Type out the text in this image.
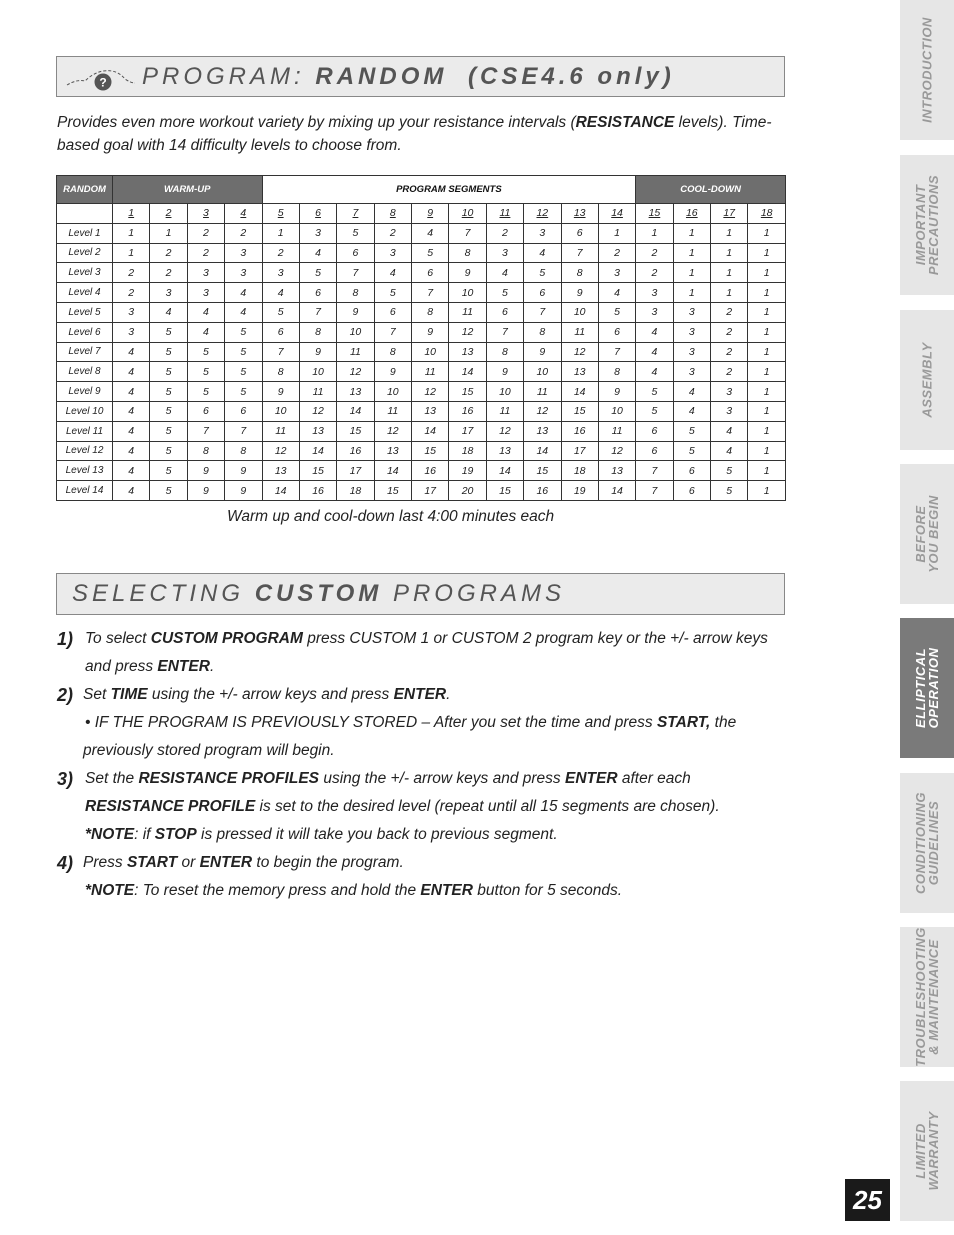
? PROGRAM: RANDOM (CSE4.6 only)
Provides even more workout variety by mixing up your resistance intervals (RESISTANCE levels). Time-based goal with 14 difficulty levels to choose from.
RANDOM	WARM-UP				PROGRAM SEGMENTS										COOL-DOWN			
	1	2	3	4	5	6	7	8	9	10	11	12	13	14	15	16	17	18
Level 1	1	1	2	2	1	3	5	2	4	7	2	3	6	1	1	1	1	1
Level 2	1	2	2	3	2	4	6	3	5	8	3	4	7	2	2	1	1	1
Level 3	2	2	3	3	3	5	7	4	6	9	4	5	8	3	2	1	1	1
Level 4	2	3	3	4	4	6	8	5	7	10	5	6	9	4	3	1	1	1
Level 5	3	4	4	4	5	7	9	6	8	11	6	7	10	5	3	3	2	1
Level 6	3	5	4	5	6	8	10	7	9	12	7	8	11	6	4	3	2	1
Level 7	4	5	5	5	7	9	11	8	10	13	8	9	12	7	4	3	2	1
Level 8	4	5	5	5	8	10	12	9	11	14	9	10	13	8	4	3	2	1
Level 9	4	5	5	5	9	11	13	10	12	15	10	11	14	9	5	4	3	1
Level 10	4	5	6	6	10	12	14	11	13	16	11	12	15	10	5	4	3	1
Level 11	4	5	7	7	11	13	15	12	14	17	12	13	16	11	6	5	4	1
Level 12	4	5	8	8	12	14	16	13	15	18	13	14	17	12	6	5	4	1
Level 13	4	5	9	9	13	15	17	14	16	19	14	15	18	13	7	6	5	1
Level 14	4	5	9	9	14	16	18	15	17	20	15	16	19	14	7	6	5	1
Warm up and cool-down last 4:00 minutes each
SELECTING CUSTOM PROGRAMS
1) To select CUSTOM PROGRAM press CUSTOM 1 or CUSTOM 2 program key or the +/- arrow keys and press ENTER.
2) Set TIME using the +/- arrow keys and press ENTER.
• IF THE PROGRAM IS PREVIOUSLY STORED – After you set the time and press START, the previously stored program will begin.
3) Set the RESISTANCE PROFILES using the +/- arrow keys and press ENTER after each RESISTANCE PROFILE is set to the desired level (repeat until all 15 segments are chosen).
*NOTE: if STOP is pressed it will take you back to previous segment.
4) Press START or ENTER to begin the program.
*NOTE: To reset the memory press and hold the ENTER button for 5 seconds.
INTRODUCTION
IMPORTANT
PRECAUTIONS
ASSEMBLY
BEFORE
YOU BEGIN
ELLIPTICAL
OPERATION
CONDITIONING
GUIDELINES
TROUBLESHOOTING
& MAINTENANCE
LIMITED
WARRANTY
25
